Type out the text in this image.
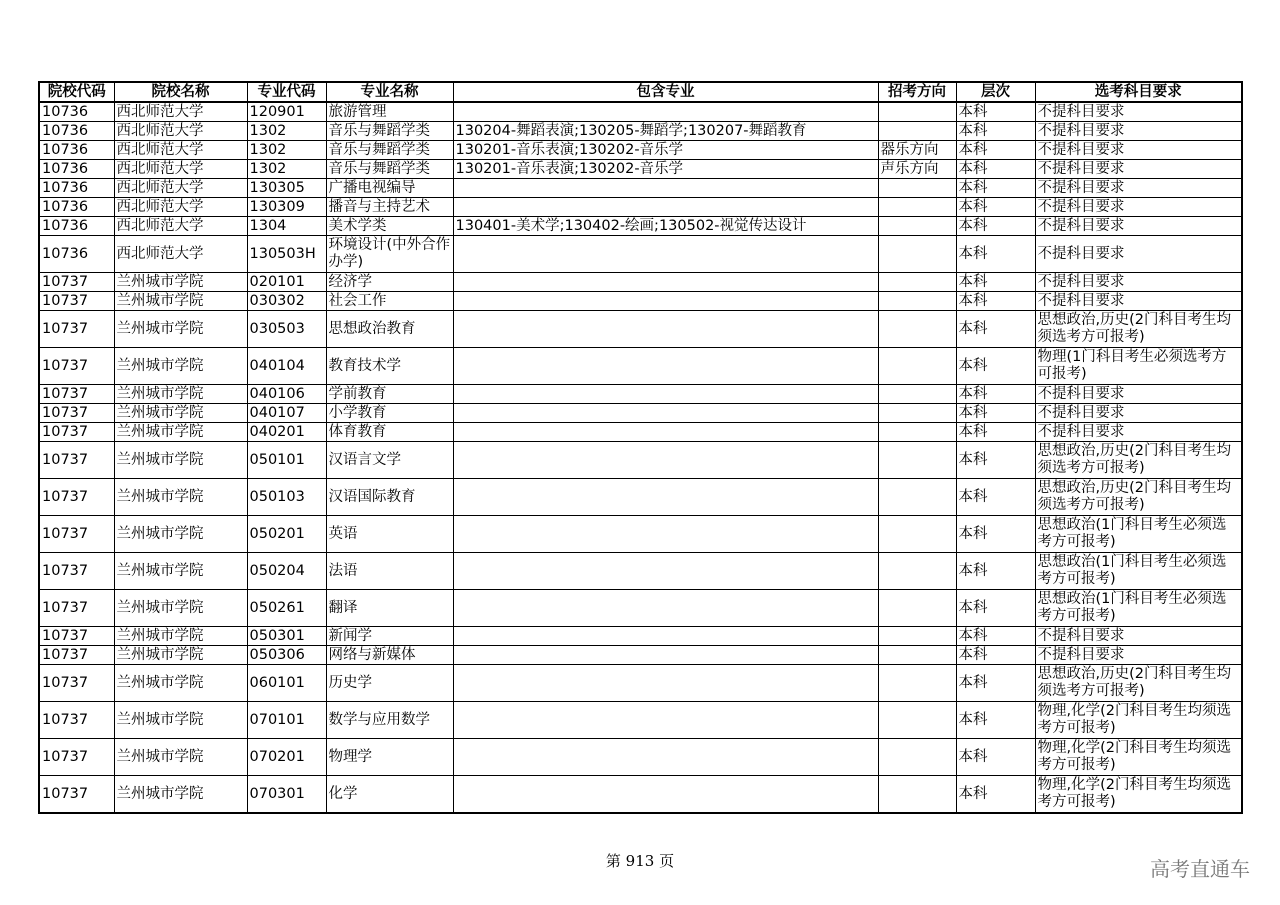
院校代码	院校名称	专业代码	专业名称	包含专业	招考方向	层次	选考科目要求
10736	西北师范大学	120901	旅游管理			本科	不提科目要求
10736	西北师范大学	1302	音乐与舞蹈学类	130204-舞蹈表演;130205-舞蹈学;130207-舞蹈教育		本科	不提科目要求
10736	西北师范大学	1302	音乐与舞蹈学类	130201-音乐表演;130202-音乐学	器乐方向	本科	不提科目要求
10736	西北师范大学	1302	音乐与舞蹈学类	130201-音乐表演;130202-音乐学	声乐方向	本科	不提科目要求
10736	西北师范大学	130305	广播电视编导			本科	不提科目要求
10736	西北师范大学	130309	播音与主持艺术			本科	不提科目要求
10736	西北师范大学	1304	美术学类	130401-美术学;130402-绘画;130502-视觉传达设计		本科	不提科目要求
10736	西北师范大学	130503H	环境设计(中外合作办学)			本科	不提科目要求
10737	兰州城市学院	020101	经济学			本科	不提科目要求
10737	兰州城市学院	030302	社会工作			本科	不提科目要求
10737	兰州城市学院	030503	思想政治教育			本科	思想政治,历史(2门科目考生均须选考方可报考)
10737	兰州城市学院	040104	教育技术学			本科	物理(1门科目考生必须选考方可报考)
10737	兰州城市学院	040106	学前教育			本科	不提科目要求
10737	兰州城市学院	040107	小学教育			本科	不提科目要求
10737	兰州城市学院	040201	体育教育			本科	不提科目要求
10737	兰州城市学院	050101	汉语言文学			本科	思想政治,历史(2门科目考生均须选考方可报考)
10737	兰州城市学院	050103	汉语国际教育			本科	思想政治,历史(2门科目考生均须选考方可报考)
10737	兰州城市学院	050201	英语			本科	思想政治(1门科目考生必须选考方可报考)
10737	兰州城市学院	050204	法语			本科	思想政治(1门科目考生必须选考方可报考)
10737	兰州城市学院	050261	翻译			本科	思想政治(1门科目考生必须选考方可报考)
10737	兰州城市学院	050301	新闻学			本科	不提科目要求
10737	兰州城市学院	050306	网络与新媒体			本科	不提科目要求
10737	兰州城市学院	060101	历史学			本科	思想政治,历史(2门科目考生均须选考方可报考)
10737	兰州城市学院	070101	数学与应用数学			本科	物理,化学(2门科目考生均须选考方可报考)
10737	兰州城市学院	070201	物理学			本科	物理,化学(2门科目考生均须选考方可报考)
10737	兰州城市学院	070301	化学			本科	物理,化学(2门科目考生均须选考方可报考)
第 913 页	高考直通车
